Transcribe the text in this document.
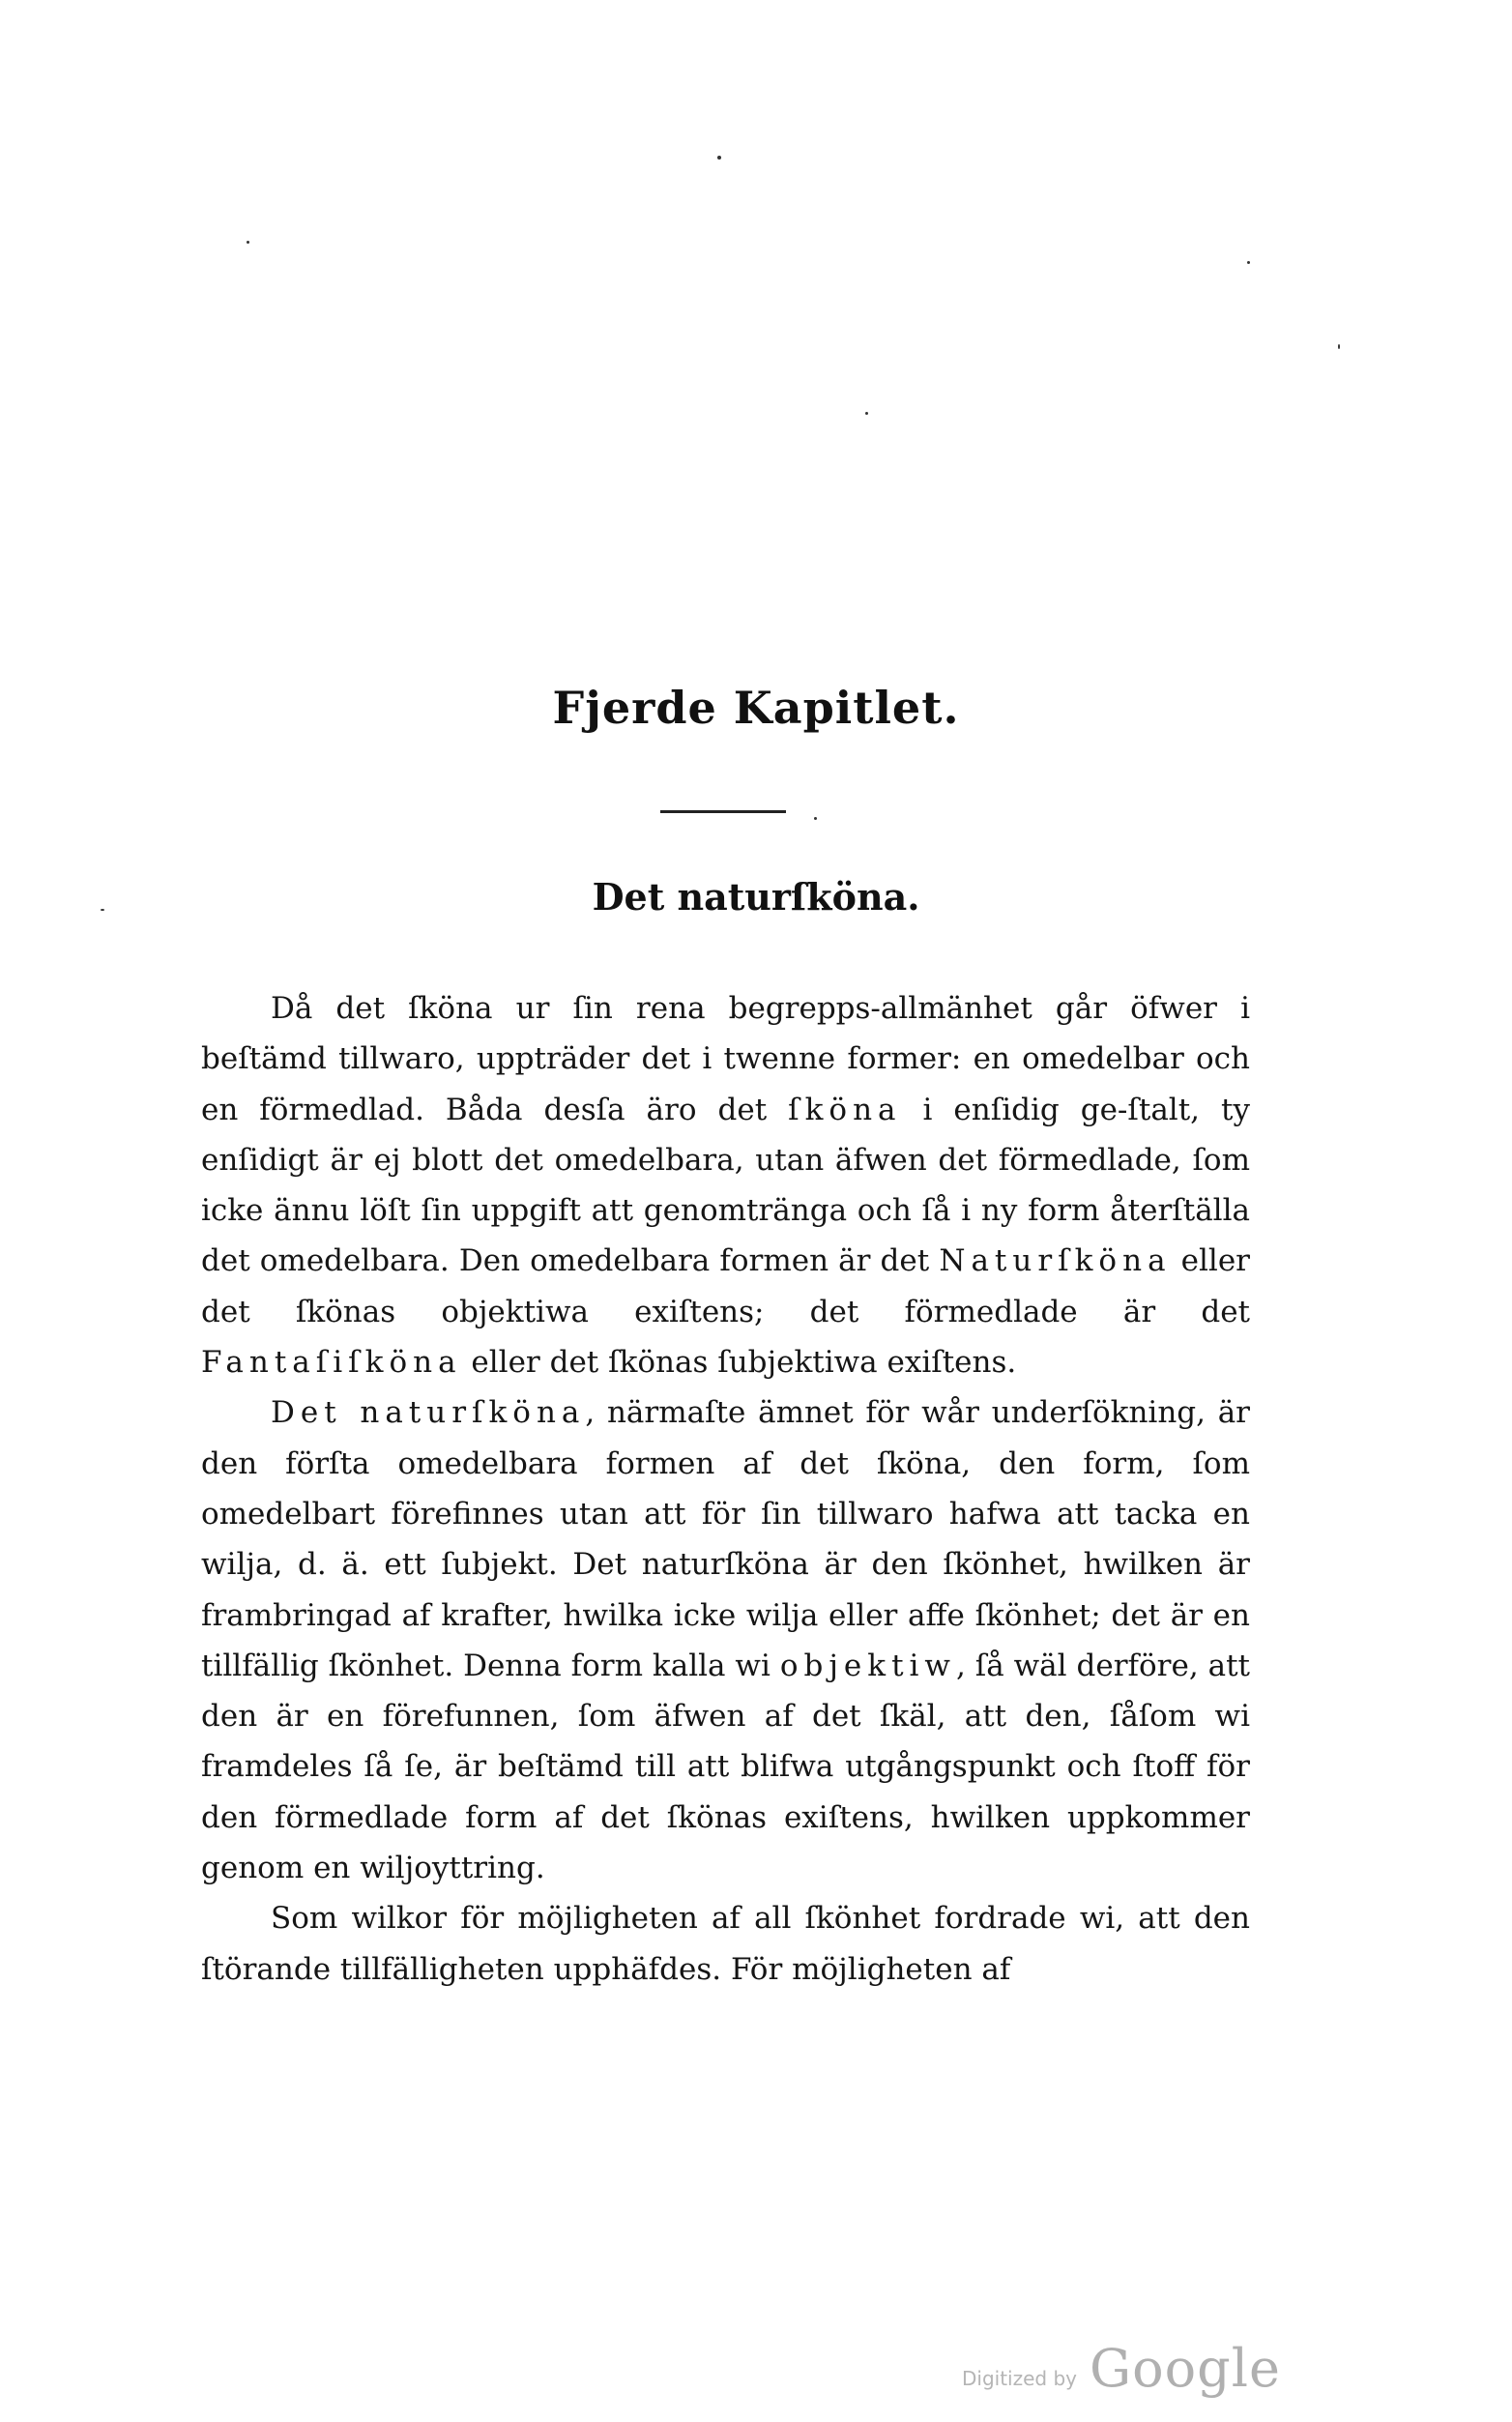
Fjerde Kapitlet.
Det naturſköna.

Då det ſköna ur ſin rena begrepps-allmänhet går öfwer i beſtämd tillwaro, uppträder det i twenne former: en omedelbar och en förmedlad. Båda desſa äro det ſköna i enſidig ge-ſtalt, ty enſidigt är ej blott det omedelbara, utan äfwen det förmedlade, ſom icke ännu löſt ſin uppgift att genomtränga och ſå i ny form återſtälla det omedelbara. Den omedelbara formen är det Naturſköna eller det ſkönas objektiwa exiſtens; det förmedlade är det Fantaſiſköna eller det ſkönas ſubjektiwa exiſtens.

Det naturſköna, närmaſte ämnet för wår underſökning, är den förſta omedelbara formen af det ſköna, den form, ſom omedelbart förefinnes utan att för ſin tillwaro hafwa att tacka en wilja, d. ä. ett ſubjekt. Det naturſköna är den ſkönhet, hwilken är frambringad af krafter, hwilka icke wilja eller affe ſkönhet; det är en tillfällig ſkönhet. Denna form kalla wi objektiw, ſå wäl derföre, att den är en förefunnen, ſom äfwen af det ſkäl, att den, ſåſom wi framdeles ſå ſe, är beſtämd till att blifwa utgångspunkt och ſtoff för den förmedlade form af det ſkönas exiſtens, hwilken uppkommer genom en wiljoyttring.

Som wilkor för möjligheten af all ſkönhet fordrade wi, att den ſtörande tillfälligheten upphäfdes. För möjligheten af

Digitized by Google
